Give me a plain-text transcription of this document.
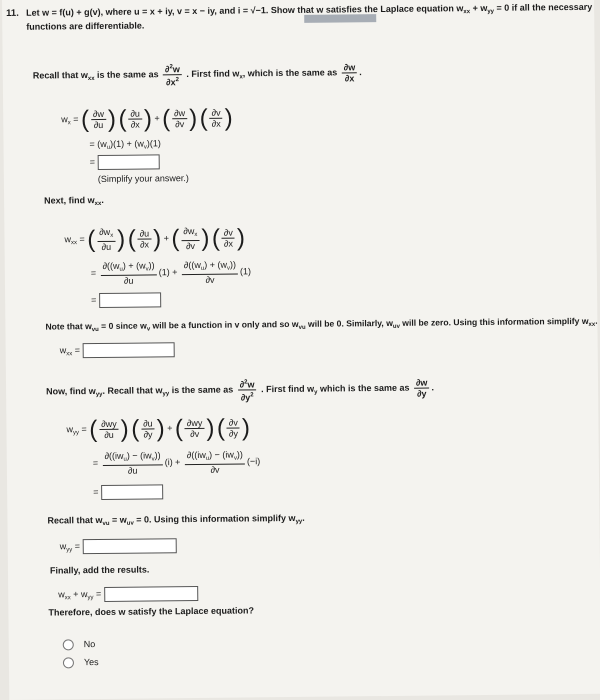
11. Let w = f(u) + g(v), where u = x + iy, v = x − iy, and i = √−1. Show that w satisfies the Laplace equation $w_{xx} + w_{yy} = 0$ if all the necessary
functions are differentiable.
Recall that $w_{xx}$ is the same as $\frac{\partial^2w}{\partial x^2}$ . First find $w_x$, which is the same as $\frac{\partial w}{\partial x}$ .
$w_x$ = ( $\frac{\partial w}{\partial u}$ )
( $\frac{\partial u}{\partial x}$ ) + ( $\frac{\partial w}{\partial v}$ )
( $\frac{\partial v}{\partial x}$ )
= $(w_u)(1) + (w_v)(1)$
=
(Simplify your answer.)
Next, find $w_{xx}$.
$w_{xx}$ = ( $\frac{\partial w_x}{\partial u}$ )
( $\frac{\partial u}{\partial x}$ ) + ( $\frac{\partial w_x}{\partial v}$ )
( $\frac{\partial v}{\partial x}$ )
= $\frac{\partial((w_u) + (w_v))}{\partial u} (1) + \frac{\partial((w_u) + (w_v))}{\partial v} (1)$
=
Note that $w_{vu} = 0$ since $w_v$ will be a function in v only and so $w_{vu}$ will be 0. Similarly, $w_{uv}$ will be zero. Using this information simplify $w_{xx}$.
$w_{xx}$ =
Now, find $w_{yy}$. Recall that $w_{yy}$ is the same as $\frac{\partial^2w}{\partial y^2}$ . First find $w_y$ which is the same as $\frac{\partial w}{\partial y}$ .
$w_{yy}$ = ( $\frac{\partial wy}{\partial u}$ )
( $\frac{\partial u}{\partial y}$ ) + ( $\frac{\partial wy}{\partial v}$ )
( $\frac{\partial v}{\partial y}$ )
= $\frac{\partial((iw_u) - (iw_v))}{\partial u} (i) + \frac{\partial((iw_u) - (iw_v))}{\partial v} (-i)$
=
Recall that $w_{vu} = w_{uv} = 0$. Using this information simplify $w_{yy}$.
$w_{yy}$ =
Finally, add the results.
$w_{xx} + w_{yy}$ =
Therefore, does w satisfy the Laplace equation?
No
Yes
